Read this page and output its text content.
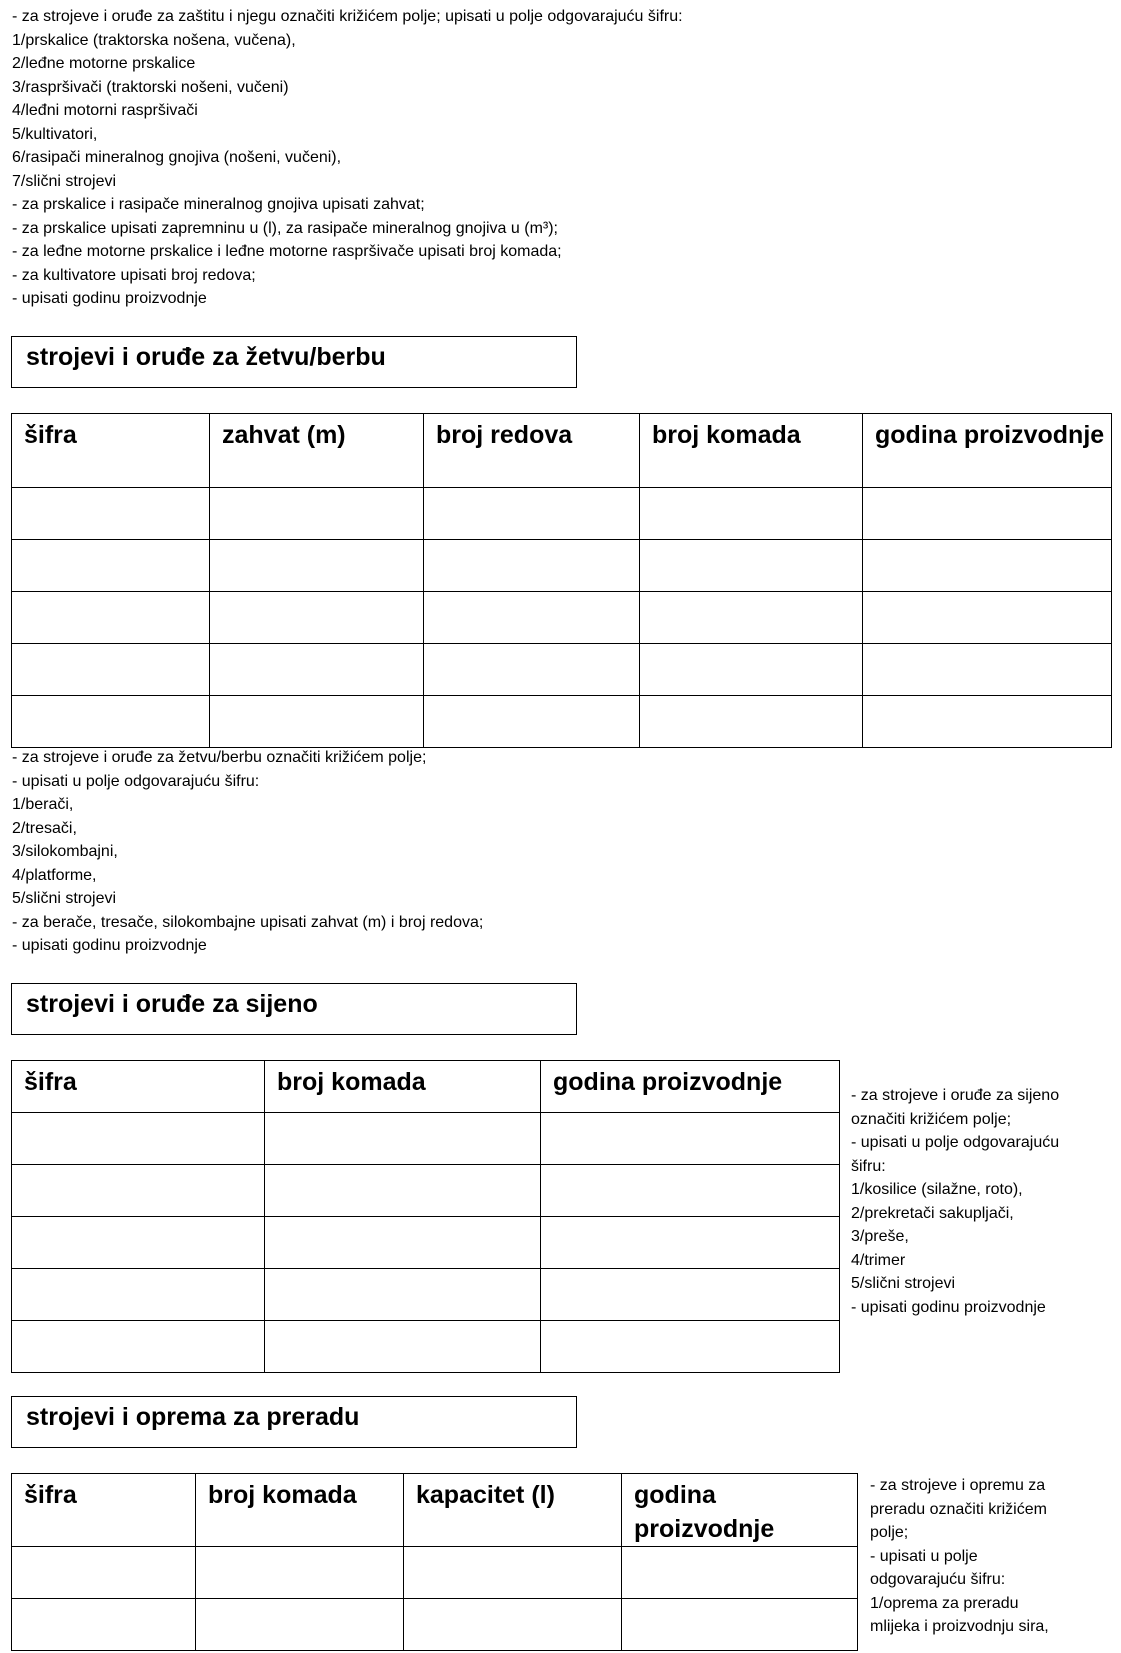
- za strojeve i oruđe za zaštitu i njegu označiti križićem polje; upisati u polje odgovarajuću šifru:
1/prskalice (traktorska nošena, vučena),
2/leđne motorne prskalice
3/raspršivači (traktorski nošeni, vučeni)
4/leđni motorni raspršivači
5/kultivatori,
6/rasipači mineralnog gnojiva (nošeni, vučeni),
7/slični strojevi
- za prskalice i rasipače mineralnog gnojiva upisati zahvat;
- za prskalice upisati zapremninu u (l), za rasipače mineralnog gnojiva u (m³);
- za leđne motorne prskalice i leđne motorne raspršivače upisati broj komada;
- za kultivatore upisati broj redova;
- upisati godinu proizvodnje
strojevi i oruđe za žetvu/berbu
šifra	zahvat (m)	broj redova	broj komada	godina proizvodnje

- za strojeve i oruđe za žetvu/berbu označiti križićem polje;
- upisati u polje odgovarajuću šifru:
1/berači,
2/tresači,
3/silokombajni,
4/platforme,
5/slični strojevi
- za berače, tresače, silokombajne upisati zahvat (m) i broj redova;
- upisati godinu proizvodnje
strojevi i oruđe za sijeno
šifra	broj komada	godina proizvodnje

			- za strojeve i oruđe za sijeno
označiti križićem polje;
- upisati u polje odgovarajuću
šifru:
1/kosilice (silažne, roto),
2/prekretači sakupljači,
3/preše,
4/trimer
5/slični strojevi
- upisati godinu proizvodnje
strojevi i oprema za preradu
šifra	broj komada	kapacitet (l)	godina proizvodnje

- za strojeve i opremu za
preradu označiti križićem
polje;
- upisati u polje
odgovarajuću šifru:
1/oprema za preradu
mlijeka i proizvodnju sira,
